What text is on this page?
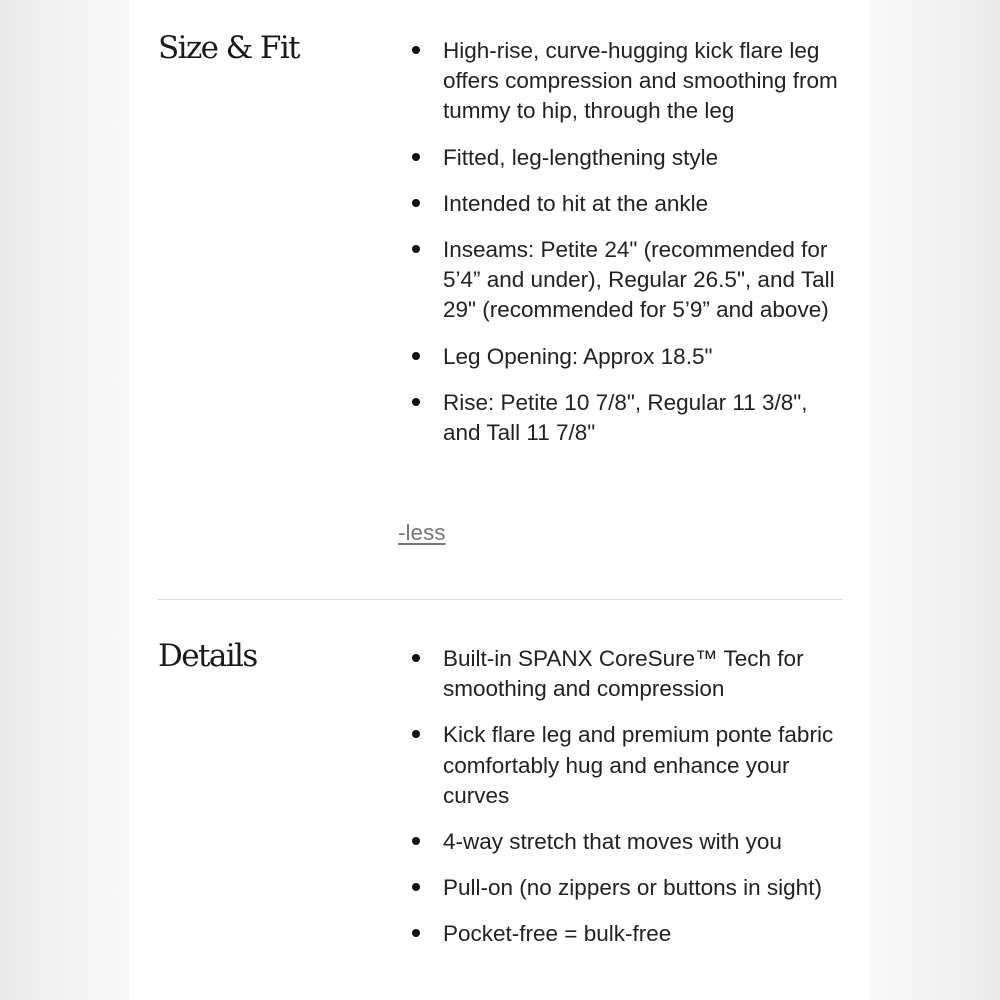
Size & Fit	High-rise, curve-hugging kick flare leg offers compression and smoothing from tummy to hip, through the leg
Fitted, leg-lengthening style
Intended to hit at the ankle
Inseams: Petite 24" (recommended for 5’4” and under), Regular 26.5", and Tall 29" (recommended for 5’9” and above)
Leg Opening: Approx 18.5"
Rise: Petite 10 7/8", Regular 11 3/8", and Tall 11 7/8"
-less
Details	Built-in SPANX CoreSure™ Tech for smoothing and compression
Kick flare leg and premium ponte fabric comfortably hug and enhance your curves
4-way stretch that moves with you
Pull-on (no zippers or buttons in sight)
Pocket-free = bulk-free
